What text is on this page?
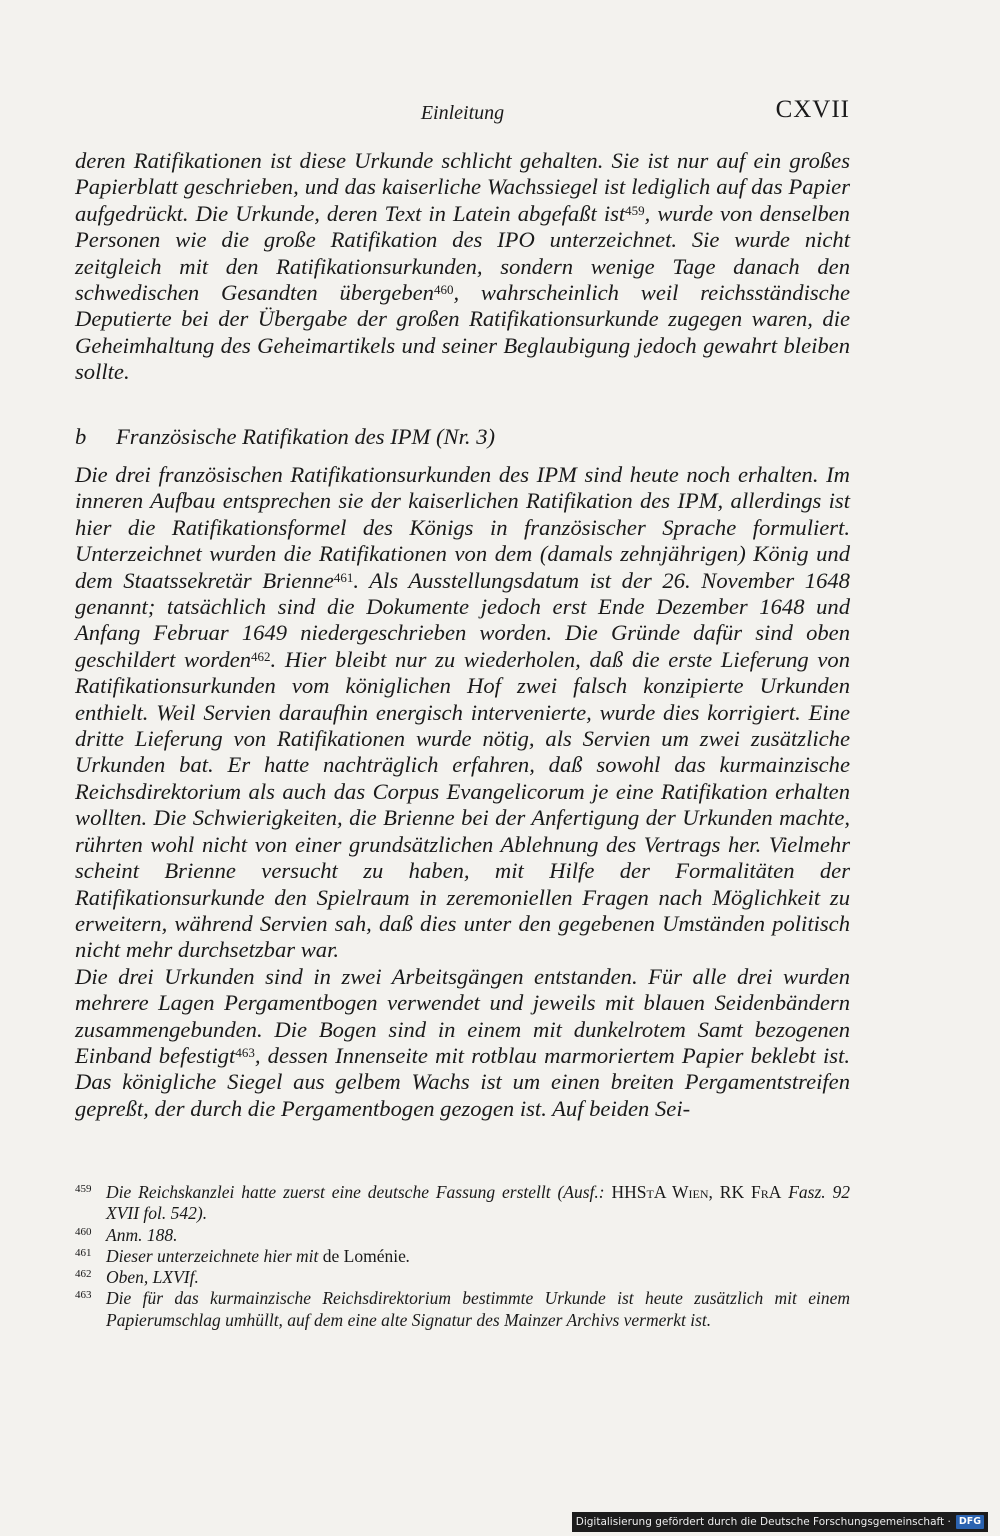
Einleitung	CXVII

deren Ratifikationen ist diese Urkunde schlicht gehalten. Sie ist nur auf ein großes Papierblatt geschrieben, und das kaiserliche Wachssiegel ist lediglich auf das Papier aufgedrückt. Die Urkunde, deren Text in Latein abgefaßt ist$^{459}$, wurde von denselben Personen wie die große Ratifikation des IPO unterzeichnet. Sie wurde nicht zeitgleich mit den Ratifikationsurkunden, sondern wenige Tage danach den schwedischen Gesandten übergeben$^{460}$, wahrscheinlich weil reichsständische Deputierte bei der Übergabe der großen Ratifikationsurkunde zugegen waren, die Geheimhaltung des Geheimartikels und seiner Beglaubigung jedoch gewahrt bleiben sollte.

b Französische Ratifikation des IPM (Nr. 3)

Die drei französischen Ratifikationsurkunden des IPM sind heute noch erhalten. Im inneren Aufbau entsprechen sie der kaiserlichen Ratifikation des IPM, allerdings ist hier die Ratifikationsformel des Königs in französischer Sprache formuliert. Unterzeichnet wurden die Ratifikationen von dem (damals zehnjährigen) König und dem Staatssekretär Brienne$^{461}$. Als Ausstellungsdatum ist der 26. November 1648 genannt; tatsächlich sind die Dokumente jedoch erst Ende Dezember 1648 und Anfang Februar 1649 niedergeschrieben worden. Die Gründe dafür sind oben geschildert worden$^{462}$. Hier bleibt nur zu wiederholen, daß die erste Lieferung von Ratifikationsurkunden vom königlichen Hof zwei falsch konzipierte Urkunden enthielt. Weil Servien daraufhin energisch intervenierte, wurde dies korrigiert. Eine dritte Lieferung von Ratifikationen wurde nötig, als Servien um zwei zusätzliche Urkunden bat. Er hatte nachträglich erfahren, daß sowohl das kurmainzische Reichsdirektorium als auch das Corpus Evangelicorum je eine Ratifikation erhalten wollten. Die Schwierigkeiten, die Brienne bei der Anfertigung der Urkunden machte, rührten wohl nicht von einer grundsätzlichen Ablehnung des Vertrags her. Vielmehr scheint Brienne versucht zu haben, mit Hilfe der Formalitäten der Ratifikationsurkunde den Spielraum in zeremoniellen Fragen nach Möglichkeit zu erweitern, während Servien sah, daß dies unter den gegebenen Umständen politisch nicht mehr durchsetzbar war.

Die drei Urkunden sind in zwei Arbeitsgängen entstanden. Für alle drei wurden mehrere Lagen Pergamentbogen verwendet und jeweils mit blauen Seidenbändern zusammengebunden. Die Bogen sind in einem mit dunkelrotem Samt bezogenen Einband befestigt$^{463}$, dessen Innenseite mit rotblau marmoriertem Papier beklebt ist. Das königliche Siegel aus gelbem Wachs ist um einen breiten Pergamentstreifen gepreßt, der durch die Pergamentbogen gezogen ist. Auf beiden Sei-

459 Die Reichskanzlei hatte zuerst eine deutsche Fassung erstellt (Ausf.: HHStA Wien, RK FrA Fasz. 92 XVII fol. 542).
460 Anm. 188.
461 Dieser unterzeichnete hier mit de Loménie.
462 Oben, LXVIf.
463 Die für das kurmainzische Reichsdirektorium bestimmte Urkunde ist heute zusätzlich mit einem Papierumschlag umhüllt, auf dem eine alte Signatur des Mainzer Archivs vermerkt ist.
Digitalisierung gefördert durch die Deutsche Forschungsgemeinschaft · DFG
